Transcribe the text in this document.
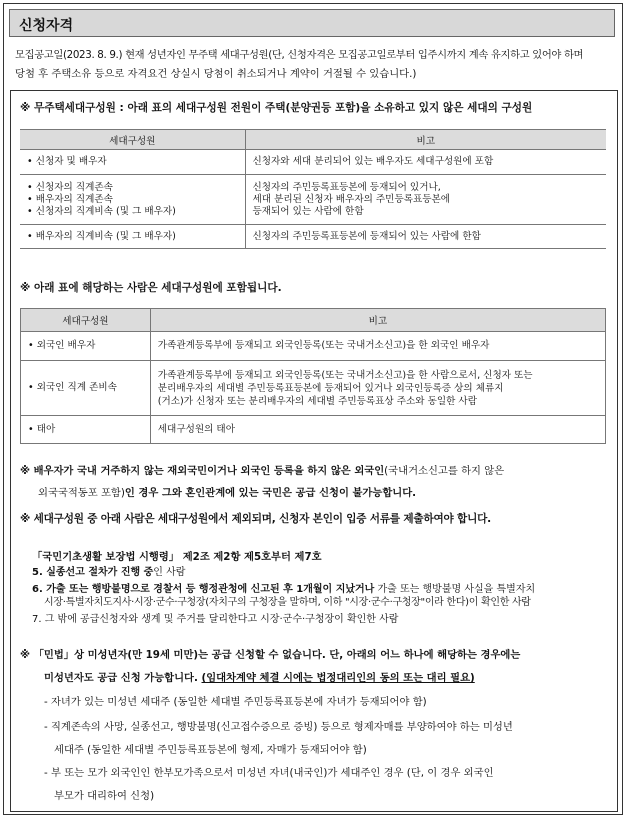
신청자격
모집공고일(2023. 8. 9.) 현재 성년자인 무주택 세대구성원(단, 신청자격은 모집공고일로부터 입주시까지 계속 유지하고 있어야 하며
당첨 후 주택소유 등으로 자격요건 상실시 당첨이 취소되거나 계약이 거절될 수 있습니다.)
※ 무주택세대구성원 : 아래 표의 세대구성원 전원이 주택(분양권등 포함)을 소유하고 있지 않은 세대의 구성원
세대구성원	비고

• 신청자 및 배우자	신청자와 세대 분리되어 있는 배우자도 세대구성원에 포함

• 신청자의 직계존속
• 배우자의 직계존속
• 신청자의 직계비속 (및 그 배우자)	신청자의 주민등록표등본에 등재되어 있거나,
세대 분리된 신청자 배우자의 주민등록표등본에
등재되어 있는 사람에 한함

• 배우자의 직계비속 (및 그 배우자)	신청자의 주민등록표등본에 등재되어 있는 사람에 한함
※ 아래 표에 해당하는 사람은 세대구성원에 포함됩니다.
세대구성원	비고
• 외국인 배우자	가족관계등록부에 등재되고 외국인등록(또는 국내거소신고)을 한 외국인 배우자

• 외국인 직계 존비속	가족관계등록부에 등재되고 외국인등록(또는 국내거소신고)을 한 사람으로서, 신청자 또는
분리배우자의 세대별 주민등록표등본에 등재되어 있거나 외국인등록증 상의 체류지
(거소)가 신청자 또는 분리배우자의 세대별 주민등록표상 주소와 동일한 사람

• 태아	세대구성원의 태아
※ 배우자가 국내 거주하지 않는 재외국민이거나 외국인 등록을 하지 않은 외국인(국내거소신고를 하지 않은
외국국적동포 포함)인 경우 그와 혼인관계에 있는 국민은 공급 신청이 불가능합니다.
※ 세대구성원 중 아래 사람은 세대구성원에서 제외되며, 신청자 본인이 입증 서류를 제출하여야 합니다.
「국민기초생활 보장법 시행령」 제2조 제2항 제5호부터 제7호
5. 실종선고 절차가 진행 중인 사람
6. 가출 또는 행방불명으로 경찰서 등 행정관청에 신고된 후 1개월이 지났거나 가출 또는 행방불명 사실을 특별자치
시장·특별자치도지사·시장·군수·구청장(자치구의 구청장을 말하며, 이하 "시장·군수·구청장"이라 한다)이 확인한 사람
7. 그 밖에 공급신청자와 생계 및 주거를 달리한다고 시장·군수·구청장이 확인한 사람
※ 「민법」상 미성년자(만 19세 미만)는 공급 신청할 수 없습니다. 단, 아래의 어느 하나에 해당하는 경우에는
미성년자도 공급 신청 가능합니다. (임대차계약 체결 시에는 법정대리인의 동의 또는 대리 필요)
- 자녀가 있는 미성년 세대주 (동일한 세대별 주민등록표등본에 자녀가 등재되어야 함)
- 직계존속의 사망, 실종선고, 행방불명(신고접수증으로 증빙) 등으로 형제자매를 부양하여야 하는 미성년
세대주 (동일한 세대별 주민등록표등본에 형제, 자매가 등재되어야 함)
- 부 또는 모가 외국인인 한부모가족으로서 미성년 자녀(내국인)가 세대주인 경우 (단, 이 경우 외국인
부모가 대리하여 신청)
